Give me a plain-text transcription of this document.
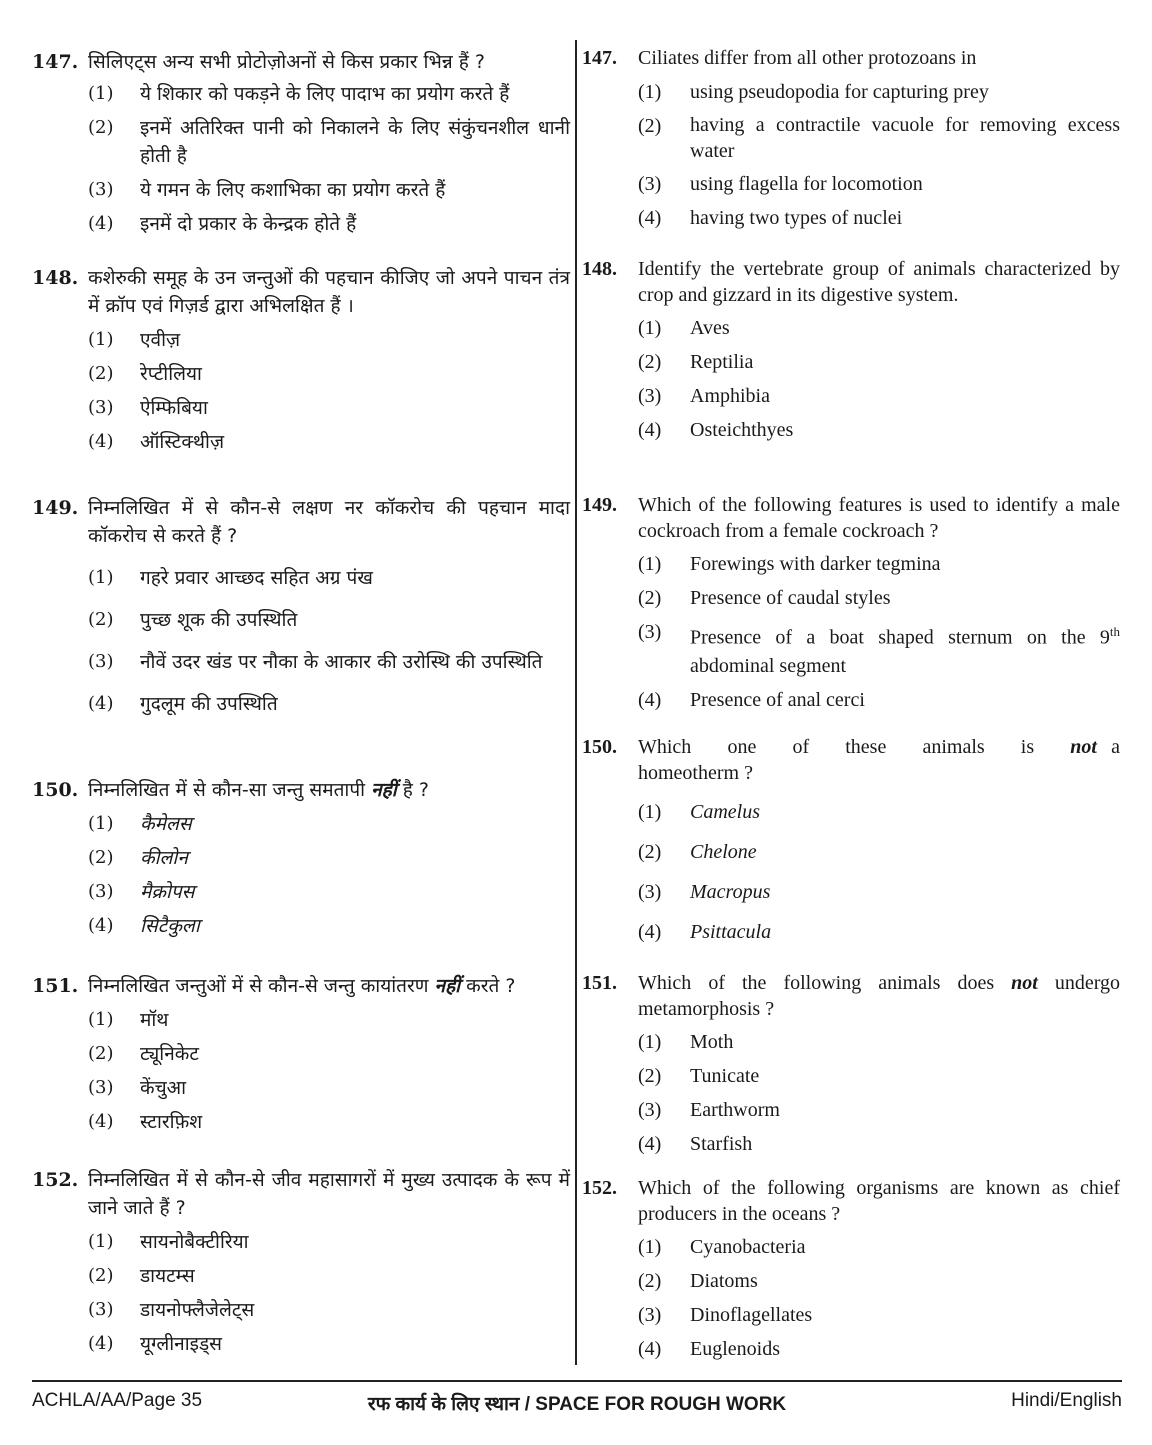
147. सिलिएट्स अन्य सभी प्रोटोज़ोअनों से किस प्रकार भिन्न हैं ?
(1)	ये शिकार को पकड़ने के लिए पादाभ का प्रयोग करते हैं
(2)	इनमें अतिरिक्त पानी को निकालने के लिए संकुंचनशील धानी होती है
(3)	ये गमन के लिए कशाभिका का प्रयोग करते हैं
(4)	इनमें दो प्रकार के केन्द्रक होते हैं
148. कशेरुकी समूह के उन जन्तुओं की पहचान कीजिए जो अपने पाचन तंत्र में क्रॉप एवं गिज़र्ड द्वारा अभिलक्षित हैं ।
(1)	एवीज़
(2)	रेप्टीलिया
(3)	ऐम्फिबिया
(4)	ऑस्टिक्थीज़
149. निम्नलिखित में से कौन-से लक्षण नर कॉकरोच की पहचान मादा कॉकरोच से करते हैं ?
(1)	गहरे प्रवार आच्छद सहित अग्र पंख
(2)	पुच्छ शूक की उपस्थिति
(3)	नौवें उदर खंड पर नौका के आकार की उरोस्थि की उपस्थिति
(4)	गुदलूम की उपस्थिति
150. निम्नलिखित में से कौन-सा जन्तु समतापी नहीं है ?
(1)	कैमेलस
(2)	कीलोन
(3)	मैक्रोपस
(4)	सिटैकुला
151. निम्नलिखित जन्तुओं में से कौन-से जन्तु कायांतरण नहीं करते ?
(1)	मॉथ
(2)	ट्यूनिकेट
(3)	केंचुआ
(4)	स्टारफ़िश
152. निम्नलिखित में से कौन-से जीव महासागरों में मुख्य उत्पादक के रूप में जाने जाते हैं ?
(1)	सायनोबैक्टीरिया
(2)	डायटम्स
(3)	डायनोफ्लैजेलेट्स
(4)	यूग्लीनाइड्स
147.	Ciliates differ from all other protozoans in
(1)	using pseudopodia for capturing prey
(2)	having a contractile vacuole for removing excess water
(3)	using flagella for locomotion
(4)	having two types of nuclei
148.	Identify the vertebrate group of animals characterized by crop and gizzard in its digestive system.
(1)	Aves
(2)	Reptilia
(3)	Amphibia
(4)	Osteichthyes
149.	Which of the following features is used to identify a male cockroach from a female cockroach ?
(1)	Forewings with darker tegmina
(2)	Presence of caudal styles
(3)	Presence of a boat shaped sternum on the 9th abdominal segment
(4)	Presence of anal cerci
150.	Which one of these animals is not a homeotherm ?
(1)	Camelus
(2)	Chelone
(3)	Macropus
(4)	Psittacula
151.	Which of the following animals does not undergo metamorphosis ?
(1)	Moth
(2)	Tunicate
(3)	Earthworm
(4)	Starfish
152.	Which of the following organisms are known as chief producers in the oceans ?
(1)	Cyanobacteria
(2)	Diatoms
(3)	Dinoflagellates
(4)	Euglenoids
ACHLA/AA/Page 35	रफ कार्य के लिए स्थान / SPACE FOR ROUGH WORK	Hindi/English
